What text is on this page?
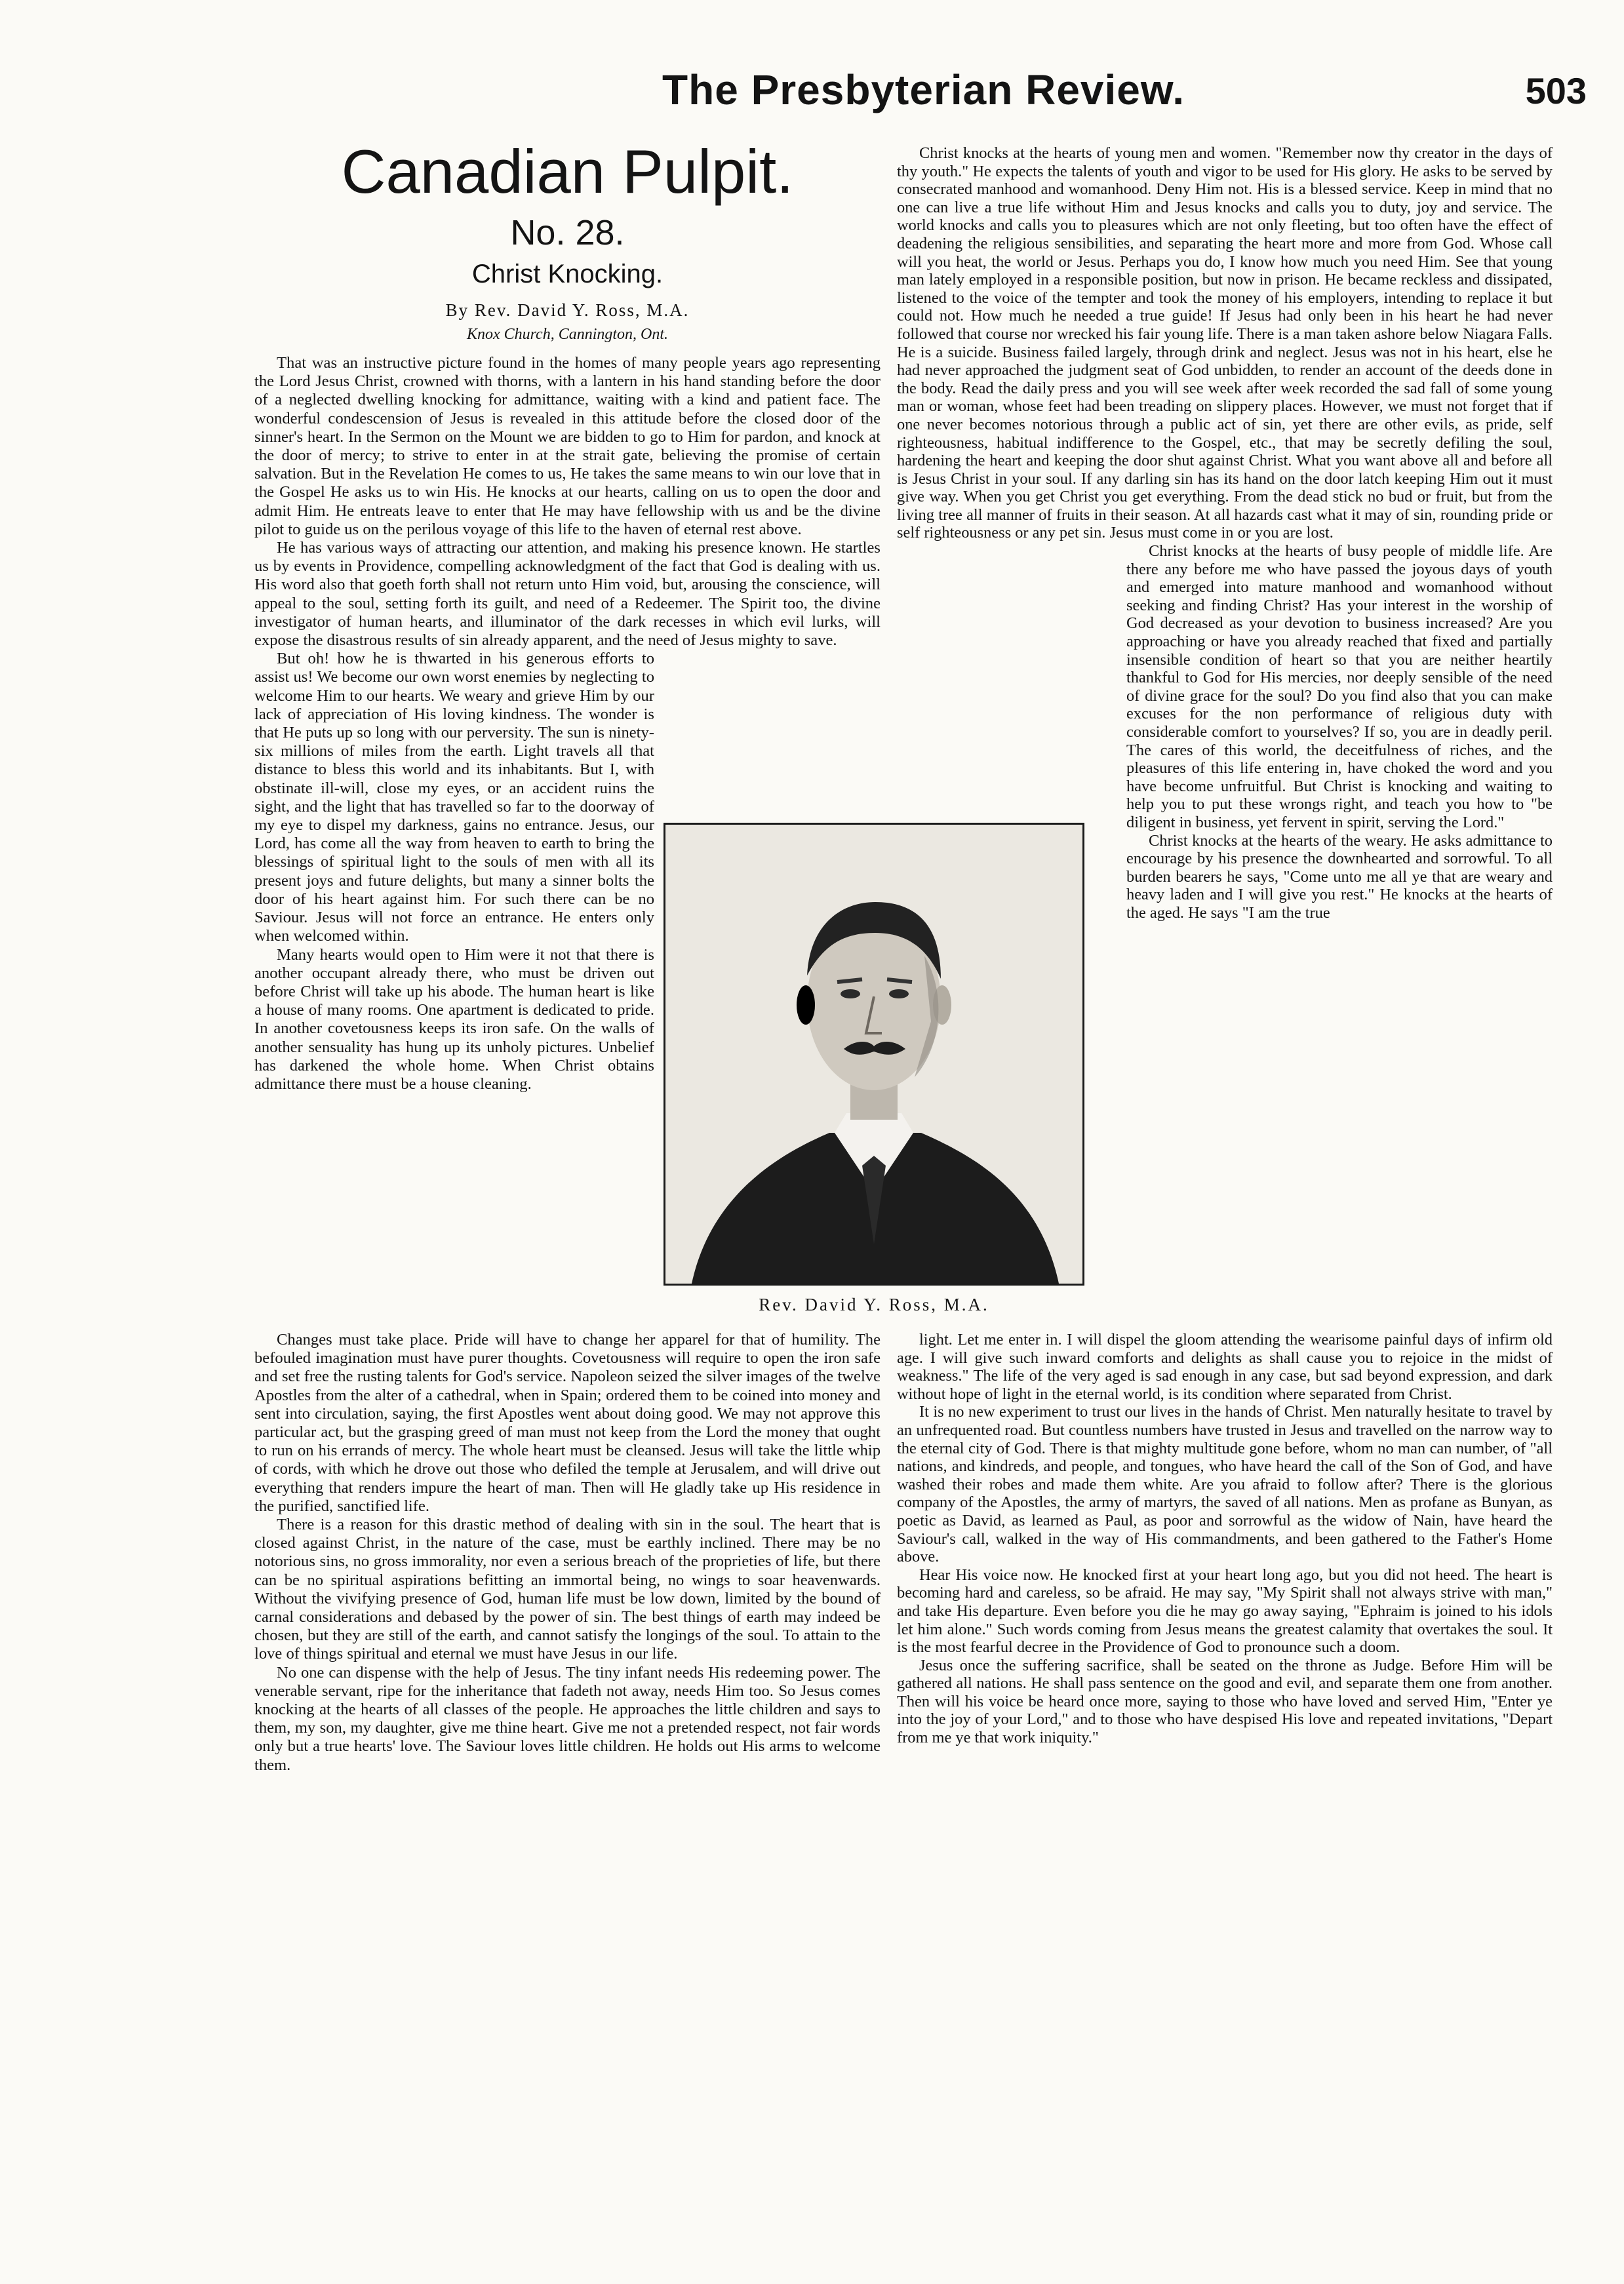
The Presbyterian Review.	503
Canadian Pulpit.
No. 28.
Christ Knocking.
By Rev. David Y. Ross, M.A.
Knox Church, Cannington, Ont.

That was an instructive picture found in the homes of many people years ago representing the Lord Jesus Christ, crowned with thorns, with a lantern in his hand standing before the door of a neglected dwelling knocking for admittance, waiting with a kind and patient face. The wonderful condescension of Jesus is revealed in this attitude before the closed door of the sinner's heart. In the Sermon on the Mount we are bidden to go to Him for pardon, and knock at the door of mercy; to strive to enter in at the strait gate, believing the promise of certain salvation. But in the Revelation He comes to us, He takes the same means to win our love that in the Gospel He asks us to win His. He knocks at our hearts, calling on us to open the door and admit Him. He entreats leave to enter that He may have fellowship with us and be the divine pilot to guide us on the perilous voyage of this life to the haven of eternal rest above.

He has various ways of attracting our attention, and making his presence known. He startles us by events in Providence, compelling acknowledgment of the fact that God is dealing with us. His word also that goeth forth shall not return unto Him void, but, arousing the conscience, will appeal to the soul, setting forth its guilt, and need of a Redeemer. The Spirit too, the divine investigator of human hearts, and illuminator of the dark recesses in which evil lurks, will expose the disastrous results of sin already apparent, and the need of Jesus mighty to save.

But oh! how he is thwarted in his generous efforts to assist us! We become our own worst enemies by neglecting to welcome Him to our hearts. We weary and grieve Him by our lack of appreciation of His loving kindness. The wonder is that He puts up so long with our perversity. The sun is ninety-six millions of miles from the earth. Light travels all that distance to bless this world and its inhabitants. But I, with obstinate ill-will, close my eyes, or an accident ruins the sight, and the light that has travelled so far to the doorway of my eye to dispel my darkness, gains no entrance. Jesus, our Lord, has come all the way from heaven to earth to bring the blessings of spiritual light to the souls of men with all its present joys and future delights, but many a sinner bolts the door of his heart against him. For such there can be no Saviour. Jesus will not force an entrance. He enters only when welcomed within.

Many hearts would open to Him were it not that there is another occupant already there, who must be driven out before Christ will take up his abode. The human heart is like a house of many rooms. One apartment is dedicated to pride. In another covetousness keeps its iron safe. On the walls of another sensuality has hung up its unholy pictures. Unbelief has darkened the whole home. When Christ obtains admittance there must be a house cleaning.

Changes must take place. Pride will have to change her apparel for that of humility. The befouled imagination must have purer thoughts. Covetousness will require to open the iron safe and set free the rusting talents for God's service. Napoleon seized the silver images of the twelve Apostles from the alter of a cathedral, when in Spain; ordered them to be coined into money and sent into circulation, saying, the first Apostles went about doing good. We may not approve this particular act, but the grasping greed of man must not keep from the Lord the money that ought to run on his errands of mercy. The whole heart must be cleansed. Jesus will take the little whip of cords, with which he drove out those who defiled the temple at Jerusalem, and will drive out everything that renders impure the heart of man. Then will He gladly take up His residence in the purified, sanctified life.

There is a reason for this drastic method of dealing with sin in the soul. The heart that is closed against Christ, in the nature of the case, must be earthly inclined. There may be no notorious sins, no gross immorality, nor even a serious breach of the proprieties of life, but there can be no spiritual aspirations befitting an immortal being, no wings to soar heavenwards. Without the vivifying presence of God, human life must be low down, limited by the bound of carnal considerations and debased by the power of sin. The best things of earth may indeed be chosen, but they are still of the earth, and cannot satisfy the longings of the soul. To attain to the love of things spiritual and eternal we must have Jesus in our life.

No one can dispense with the help of Jesus. The tiny infant needs His redeeming power. The venerable servant, ripe for the inheritance that fadeth not away, needs Him too. So Jesus comes knocking at the hearts of all classes of the people. He approaches the little children and says to them, my son, my daughter, give me thine heart. Give me not a pretended respect, not fair words only but a true hearts' love. The Saviour loves little children. He holds out His arms to welcome them.

Christ knocks at the hearts of young men and women. "Remember now thy creator in the days of thy youth." He expects the talents of youth and vigor to be used for His glory. He asks to be served by consecrated manhood and womanhood. Deny Him not. His is a blessed service. Keep in mind that no one can live a true life without Him and Jesus knocks and calls you to duty, joy and service. The world knocks and calls you to pleasures which are not only fleeting, but too often have the effect of deadening the religious sensibilities, and separating the heart more and more from God. Whose call will you heat, the world or Jesus. Perhaps you do, I know how much you need Him. See that young man lately employed in a responsible position, but now in prison. He became reckless and dissipated, listened to the voice of the tempter and took the money of his employers, intending to replace it but could not. How much he needed a true guide! If Jesus had only been in his heart he had never followed that course nor wrecked his fair young life. There is a man taken ashore below Niagara Falls. He is a suicide. Business failed largely, through drink and neglect. Jesus was not in his heart, else he had never approached the judgment seat of God unbidden, to render an account of the deeds done in the body. Read the daily press and you will see week after week recorded the sad fall of some young man or woman, whose feet had been treading on slippery places. However, we must not forget that if one never becomes notorious through a public act of sin, yet there are other evils, as pride, self righteousness, habitual indifference to the Gospel, etc., that may be secretly defiling the soul, hardening the heart and keeping the door shut against Christ. What you want above all and before all is Jesus Christ in your soul. If any darling sin has its hand on the door latch keeping Him out it must give way. When you get Christ you get everything. From the dead stick no bud or fruit, but from the living tree all manner of fruits in their season. At all hazards cast what it may of sin, rounding pride or self righteousness or any pet sin. Jesus must come in or you are lost.

Christ knocks at the hearts of busy people of middle life. Are there any before me who have passed the joyous days of youth and emerged into mature manhood and womanhood without seeking and finding Christ? Has your interest in the worship of God decreased as your devotion to business increased? Are you approaching or have you already reached that fixed and partially insensible condition of heart so that you are neither heartily thankful to God for His mercies, nor deeply sensible of the need of divine grace for the soul? Do you find also that you can make excuses for the non performance of religious duty with considerable comfort to yourselves? If so, you are in deadly peril. The cares of this world, the deceitfulness of riches, and the pleasures of this life entering in, have choked the word and you have become unfruitful. But Christ is knocking and waiting to help you to put these wrongs right, and teach you how to "be diligent in business, yet fervent in spirit, serving the Lord."

Christ knocks at the hearts of the weary. He asks admittance to encourage by his presence the downhearted and sorrowful. To all burden bearers he says, "Come unto me all ye that are weary and heavy laden and I will give you rest." He knocks at the hearts of the aged. He says "I am the true

light. Let me enter in. I will dispel the gloom attending the wearisome painful days of infirm old age. I will give such inward comforts and delights as shall cause you to rejoice in the midst of weakness." The life of the very aged is sad enough in any case, but sad beyond expression, and dark without hope of light in the eternal world, is its condition where separated from Christ.

It is no new experiment to trust our lives in the hands of Christ. Men naturally hesitate to travel by an unfrequented road. But countless numbers have trusted in Jesus and travelled on the narrow way to the eternal city of God. There is that mighty multitude gone before, whom no man can number, of "all nations, and kindreds, and people, and tongues, who have heard the call of the Son of God, and have washed their robes and made them white. Are you afraid to follow after? There is the glorious company of the Apostles, the army of martyrs, the saved of all nations. Men as profane as Bunyan, as poetic as David, as learned as Paul, as poor and sorrowful as the widow of Nain, have heard the Saviour's call, walked in the way of His commandments, and been gathered to the Father's Home above.

Hear His voice now. He knocked first at your heart long ago, but you did not heed. The heart is becoming hard and careless, so be afraid. He may say, "My Spirit shall not always strive with man," and take His departure. Even before you die he may go away saying, "Ephraim is joined to his idols let him alone." Such words coming from Jesus means the greatest calamity that overtakes the soul. It is the most fearful decree in the Providence of God to pronounce such a doom.

Jesus once the suffering sacrifice, shall be seated on the throne as Judge. Before Him will be gathered all nations. He shall pass sentence on the good and evil, and separate them one from another. Then will his voice be heard once more, saying to those who have loved and served Him, "Enter ye into the joy of your Lord," and to those who have despised His love and repeated invitations, "Depart from me ye that work iniquity."

Rev. David Y. Ross, M.A.
